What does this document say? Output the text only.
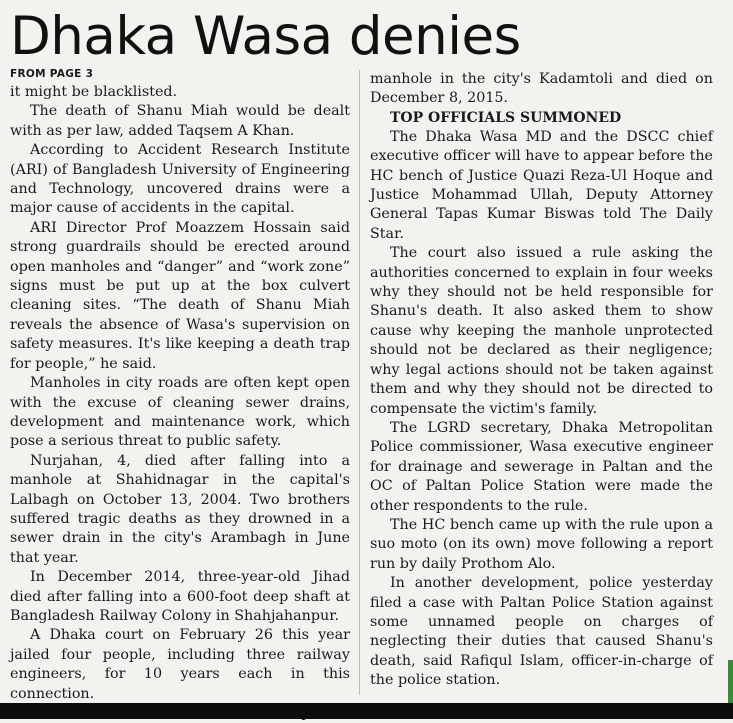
Dhaka Wasa denies
FROM PAGE 3

it might be blacklisted.

The death of Shanu Miah would be dealt with as per law, added Taqsem A Khan.

According to Accident Research Institute (ARI) of Bangladesh University of Engineering and Technology, uncovered drains were a major cause of accidents in the capital.

ARI Director Prof Moazzem Hossain said strong guardrails should be erected around open manholes and “danger” and “work zone” signs must be put up at the box culvert cleaning sites. “The death of Shanu Miah reveals the absence of Wasa's supervision on safety measures. It's like keeping a death trap for people,” he said.

Manholes in city roads are often kept open with the excuse of cleaning sewer drains, development and maintenance work, which pose a serious threat to public safety.

Nurjahan, 4, died after falling into a manhole at Shahidnagar in the capital's Lalbagh on October 13, 2004. Two brothers suffered tragic deaths as they drowned in a sewer drain in the city's Arambagh in June that year.

In December 2014, three-year-old Jihad died after falling into a 600-foot deep shaft at Bangladesh Railway Colony in Shahjahanpur.

A Dhaka court on February 26 this year jailed four people, including three railway engineers, for 10 years each in this connection.

manhole in the city's Kadamtoli and died on December 8, 2015.

TOP OFFICIALS SUMMONED

The Dhaka Wasa MD and the DSCC chief executive officer will have to appear before the HC bench of Justice Quazi Reza-Ul Hoque and Justice Mohammad Ullah, Deputy Attorney General Tapas Kumar Biswas told The Daily Star.

The court also issued a rule asking the authorities concerned to explain in four weeks why they should not be held responsible for Shanu's death. It also asked them to show cause why keeping the manhole unprotected should not be declared as their negligence; why legal actions should not be taken against them and why they should not be directed to compensate the victim's family.

The LGRD secretary, Dhaka Metropolitan Police commissioner, Wasa executive engineer for drainage and sewerage in Paltan and the OC of Paltan Police Station were made the other respondents to the rule.

The HC bench came up with the rule upon a suo moto (on its own) move following a report run by daily Prothom Alo.

In another development, police yesterday filed a case with Paltan Police Station against some unnamed people on charges of neglecting their duties that caused Shanu's death, said Rafiqul Islam, officer-in-charge of the police station.
